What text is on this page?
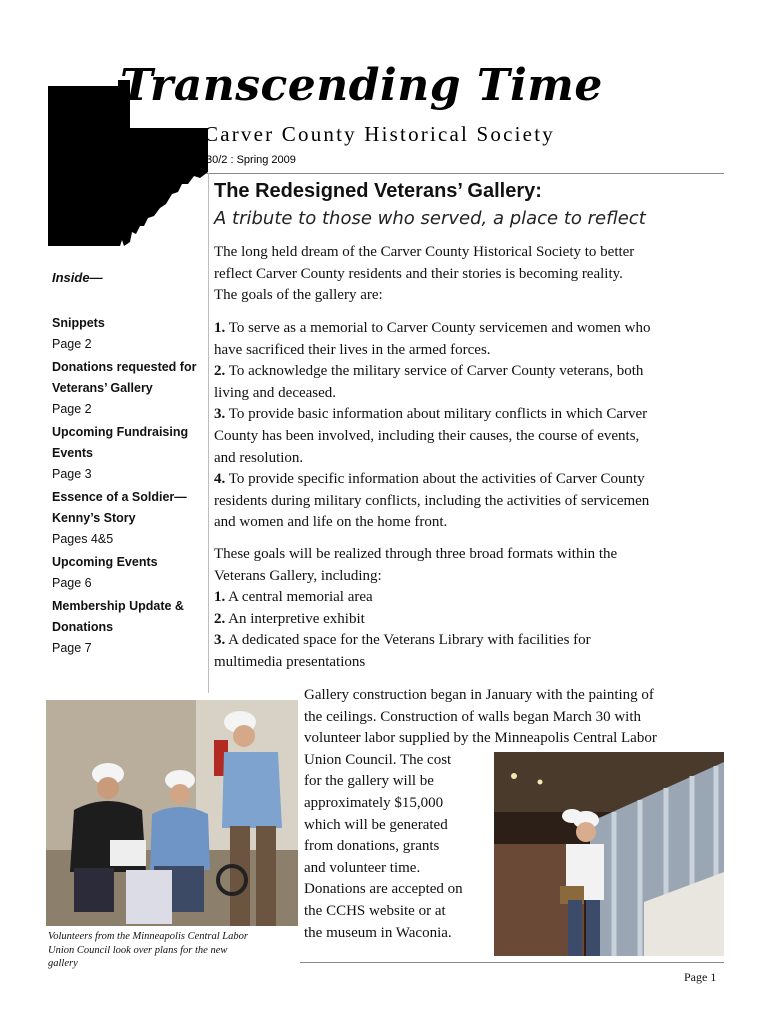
Transcending Time
Carver County Historical Society
30/2 : Spring 2009
The Redesigned Veterans’ Gallery:
A tribute to those who served, a place to reflect
Inside—
Snippets
Page 2
Donations requested for Veterans’ Gallery
Page 2
Upcoming Fundraising Events
Page 3
Essence of a Soldier— Kenny’s Story
Pages 4&5
Upcoming Events
Page 6
Membership Update & Donations
Page 7
The long held dream of the Carver County Historical Society to better
reflect Carver County residents and their stories is becoming reality.
The goals of the gallery are:
1. To serve as a memorial to Carver County servicemen and women who
have sacrificed their lives in the armed forces.
2. To acknowledge the military service of Carver County veterans, both
living and deceased.
3. To provide basic information about military conflicts in which Carver
County has been involved, including their causes, the course of events,
and resolution.
4. To provide specific information about the activities of Carver County
residents during military conflicts, including the activities of servicemen
and women and life on the home front.
These goals will be realized through three broad formats within the
Veterans Gallery, including:
1. A central memorial area
2. An interpretive exhibit
3. A dedicated space for the Veterans Library with facilities for
multimedia presentations
Gallery construction began in January with the painting of
the ceilings. Construction of walls began March 30 with
volunteer labor supplied by the Minneapolis Central Labor
Union Council. The cost
for the gallery will be
approximately $15,000
which will be generated
from donations, grants
and volunteer time.
Donations are accepted on
the CCHS website or at
the museum in Waconia.
Volunteers from the Minneapolis Central Labor Union Council look over plans for the new gallery
Page 1
